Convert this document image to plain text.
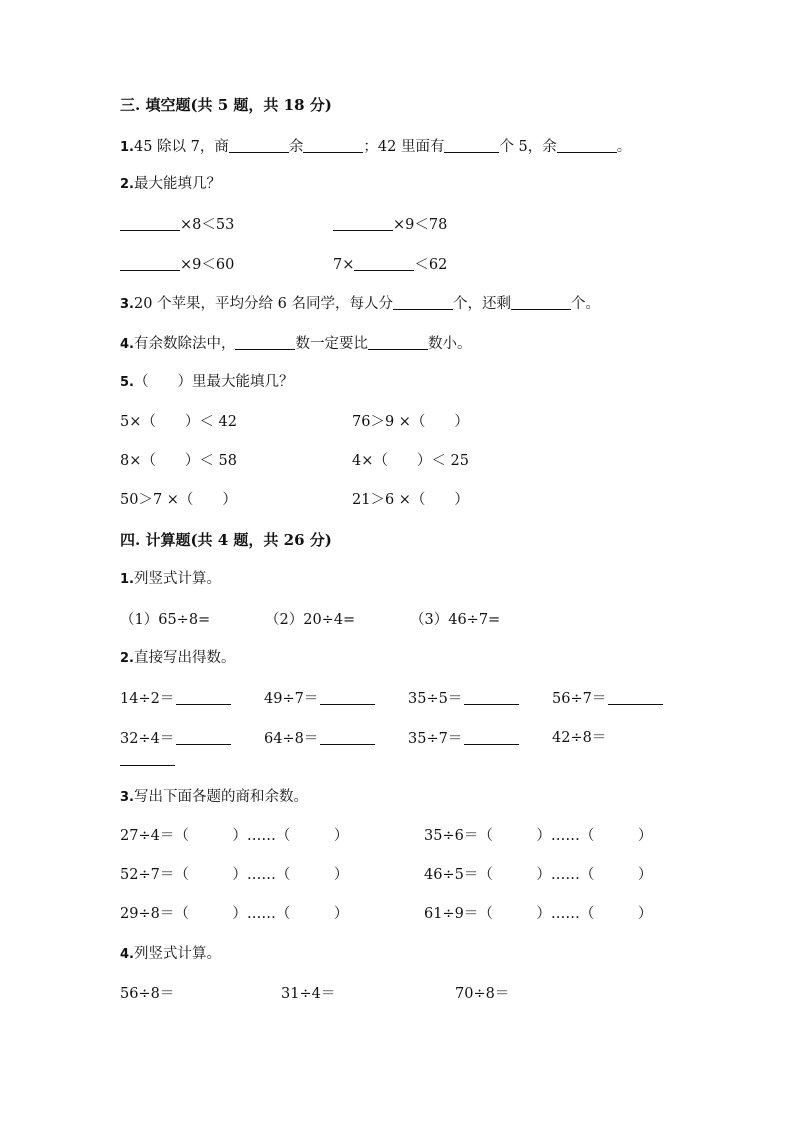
三. 填空题(共 5 题，共 18 分)
1.45 除以 7，商	余	；42 里面有	个 5，余	。
2.最大能填几？
×8＜53	×9＜78
×9＜60	7×	＜62
3.20 个苹果，平均分给 6 名同学，每人分	个，还剩	个。
4.有余数除法中，	数一定要比	数小。
5.（　　）里最大能填几？
5×（　　）＜ 42	76＞9 ×（　　）
8×（　　）＜ 58	4×（　　）＜ 25
50＞7 ×（　　）	21＞6 ×（　　）
四. 计算题(共 4 题，共 26 分)
1.列竖式计算。
（1）65÷8=	（2）20÷4=	（3）46÷7=
2.直接写出得数。
14÷2＝	49÷7＝	35÷5＝	56÷7＝
32÷4＝	64÷8＝	35÷7＝	42÷8＝
3.写出下面各题的商和余数。
27÷4＝（　　　）……（　　　）	35÷6＝（　　　）……（　　　）
52÷7＝（　　　）……（　　　）	46÷5＝（　　　）……（　　　）
29÷8＝（　　　）……（　　　）	61÷9＝（　　　）……（　　　）
4.列竖式计算。
56÷8＝	31÷4＝	70÷8＝
